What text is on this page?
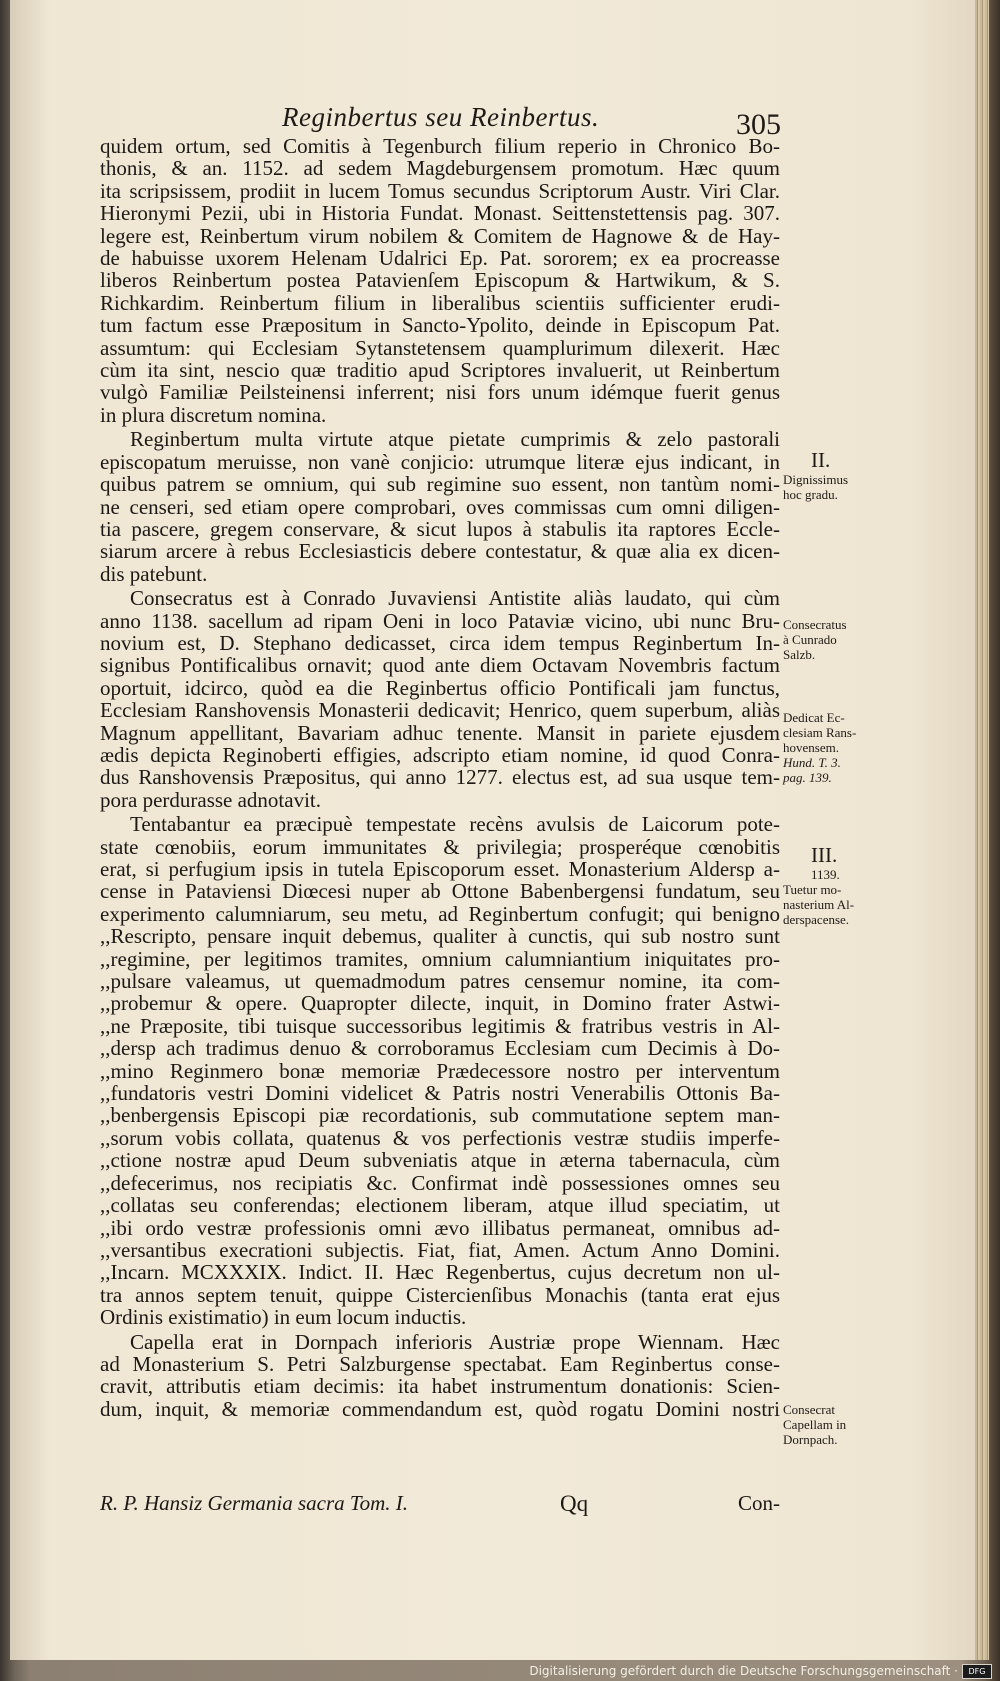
Reginbertus seu Reinbertus.	305
quidem ortum, sed Comitis à Tegenburch filium reperio in Chronico Bo-
thonis, & an. 1152. ad sedem Magdeburgensem promotum. Hæc quum
ita scripsissem, prodiit in lucem Tomus secundus Scriptorum Austr. Viri Clar.
Hieronymi Pezii, ubi in Historia Fundat. Monast. Seittenstettensis pag. 307.
legere est, Reinbertum virum nobilem & Comitem de Hagnowe & de Hay-
de habuisse uxorem Helenam Udalrici Ep. Pat. sororem; ex ea procreasse
liberos Reinbertum postea Patavienſem Episcopum & Hartwikum, & S.
Richkardim. Reinbertum filium in liberalibus scientiis sufficienter erudi-
tum factum esse Præpositum in Sancto-Ypolito, deinde in Episcopum Pat.
assumtum: qui Ecclesiam Sytanstetensem quamplurimum dilexerit. Hæc
cùm ita sint, nescio quæ traditio apud Scriptores invaluerit, ut Reinbertum
vulgò Familiæ Peilsteinensi inferrent; nisi fors unum idémque fuerit genus
in plura discretum nomina.
Reginbertum multa virtute atque pietate cumprimis & zelo pastorali
episcopatum meruisse, non vanè conjicio: utrumque literæ ejus indicant, in
quibus patrem se omnium, qui sub regimine suo essent, non tantùm nomi-
ne censeri, sed etiam opere comprobari, oves commissas cum omni diligen-
tia pascere, gregem conservare, & sicut lupos à stabulis ita raptores Eccle-
siarum arcere à rebus Ecclesiasticis debere contestatur, & quæ alia ex dicen-
dis patebunt.
Consecratus est à Conrado Juvaviensi Antistite aliàs laudato, qui cùm
anno 1138. sacellum ad ripam Oeni in loco Pataviæ vicino, ubi nunc Bru-
novium est, D. Stephano dedicasset, circa idem tempus Reginbertum In-
signibus Pontificalibus ornavit; quod ante diem Octavam Novembris factum
oportuit, idcirco, quòd ea die Reginbertus officio Pontificali jam functus,
Ecclesiam Ranshovensis Monasterii dedicavit; Henrico, quem superbum, aliàs
Magnum appellitant, Bavariam adhuc tenente. Mansit in pariete ejusdem
ædis depicta Reginoberti effigies, adscripto etiam nomine, id quod Conra-
dus Ranshovensis Præpositus, qui anno 1277. electus est, ad sua usque tem-
pora perdurasse adnotavit.
Tentabantur ea præcipuè tempestate recèns avulsis de Laicorum pote-
state cœnobiis, eorum immunitates & privilegia; prosperéque cœnobitis
erat, si perfugium ipsis in tutela Episcoporum esset. Monasterium Aldersp a-
cense in Pataviensi Diœcesi nuper ab Ottone Babenbergensi fundatum, seu
experimento calumniarum, seu metu, ad Reginbertum confugit; qui benigno
,,Rescripto, pensare inquit debemus, qualiter à cunctis, qui sub nostro sunt
,,regimine, per legitimos tramites, omnium calumniantium iniquitates pro-
,,pulsare valeamus, ut quemadmodum patres censemur nomine, ita com-
,,probemur & opere. Quapropter dilecte, inquit, in Domino frater Astwi-
,,ne Præposite, tibi tuisque successoribus legitimis & fratribus vestris in Al-
,,dersp ach tradimus denuo & corroboramus Ecclesiam cum Decimis à Do-
,,mino Reginmero bonæ memoriæ Prædecessore nostro per interventum
,,fundatoris vestri Domini videlicet & Patris nostri Venerabilis Ottonis Ba-
,,benbergensis Episcopi piæ recordationis, sub commutatione septem man-
,,sorum vobis collata, quatenus & vos perfectionis vestræ studiis imperfe-
,,ctione nostræ apud Deum subveniatis atque in æterna tabernacula, cùm
,,defecerimus, nos recipiatis &c. Confirmat indè possessiones omnes seu
,,collatas seu conferendas; electionem liberam, atque illud speciatim, ut
,,ibi ordo vestræ professionis omni ævo illibatus permaneat, omnibus ad-
,,versantibus execrationi subjectis. Fiat, fiat, Amen. Actum Anno Domini.
,,Incarn. MCXXXIX. Indict. II. Hæc Regenbertus, cujus decretum non ul-
tra annos septem tenuit, quippe Cistercienſibus Monachis (tanta erat ejus
Ordinis existimatio) in eum locum inductis.
Capella erat in Dornpach inferioris Austriæ prope Wiennam. Hæc
ad Monasterium S. Petri Salzburgense spectabat. Eam Reginbertus conse-
cravit, attributis etiam decimis: ita habet instrumentum donationis: Scien-
dum, inquit, & memoriæ commendandum est, quòd rogatu Domini nostri
II.
Dignissimus
hoc gradu.
Consecratus
à Cunrado
Salzb.
Dedicat Ec-
clesiam Rans-
hovensem.
Hund. T. 3.
pag. 139.
III.
1139.
Tuetur mo-
nasterium Al-
derspacense.
Consecrat
Capellam in
Dornpach.
R. P. Hansiz Germania sacra Tom. I.	Qq	Con-
Digitalisierung gefördert durch die Deutsche Forschungsgemeinschaft ·	DFG
